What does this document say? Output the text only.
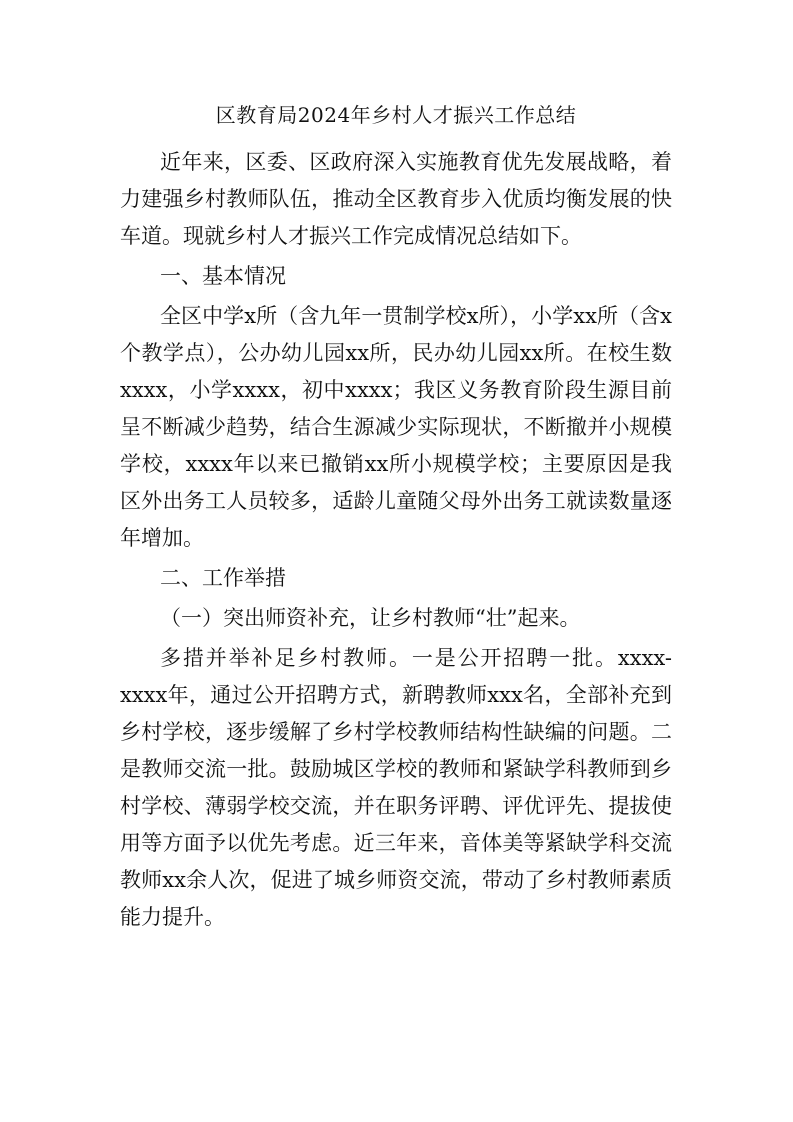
区教育局2024年乡村人才振兴工作总结

近年来，区委、区政府深入实施教育优先发展战略，着力建强乡村教师队伍，推动全区教育步入优质均衡发展的快车道。现就乡村人才振兴工作完成情况总结如下。

一、基本情况

全区中学x所（含九年一贯制学校x所），小学xx所（含x个教学点），公办幼儿园xx所，民办幼儿园xx所。在校生数xxxx，小学xxxx，初中xxxx；我区义务教育阶段生源目前呈不断减少趋势，结合生源减少实际现状，不断撤并小规模学校，xxxx年以来已撤销xx所小规模学校；主要原因是我区外出务工人员较多，适龄儿童随父母外出务工就读数量逐年增加。

二、工作举措

（一）突出师资补充，让乡村教师“壮”起来。

多措并举补足乡村教师。一是公开招聘一批。xxxx-xxxx年，通过公开招聘方式，新聘教师xxx名，全部补充到乡村学校，逐步缓解了乡村学校教师结构性缺编的问题。二是教师交流一批。鼓励城区学校的教师和紧缺学科教师到乡村学校、薄弱学校交流，并在职务评聘、评优评先、提拔使用等方面予以优先考虑。近三年来，音体美等紧缺学科交流教师xx余人次，促进了城乡师资交流，带动了乡村教师素质能力提升。
